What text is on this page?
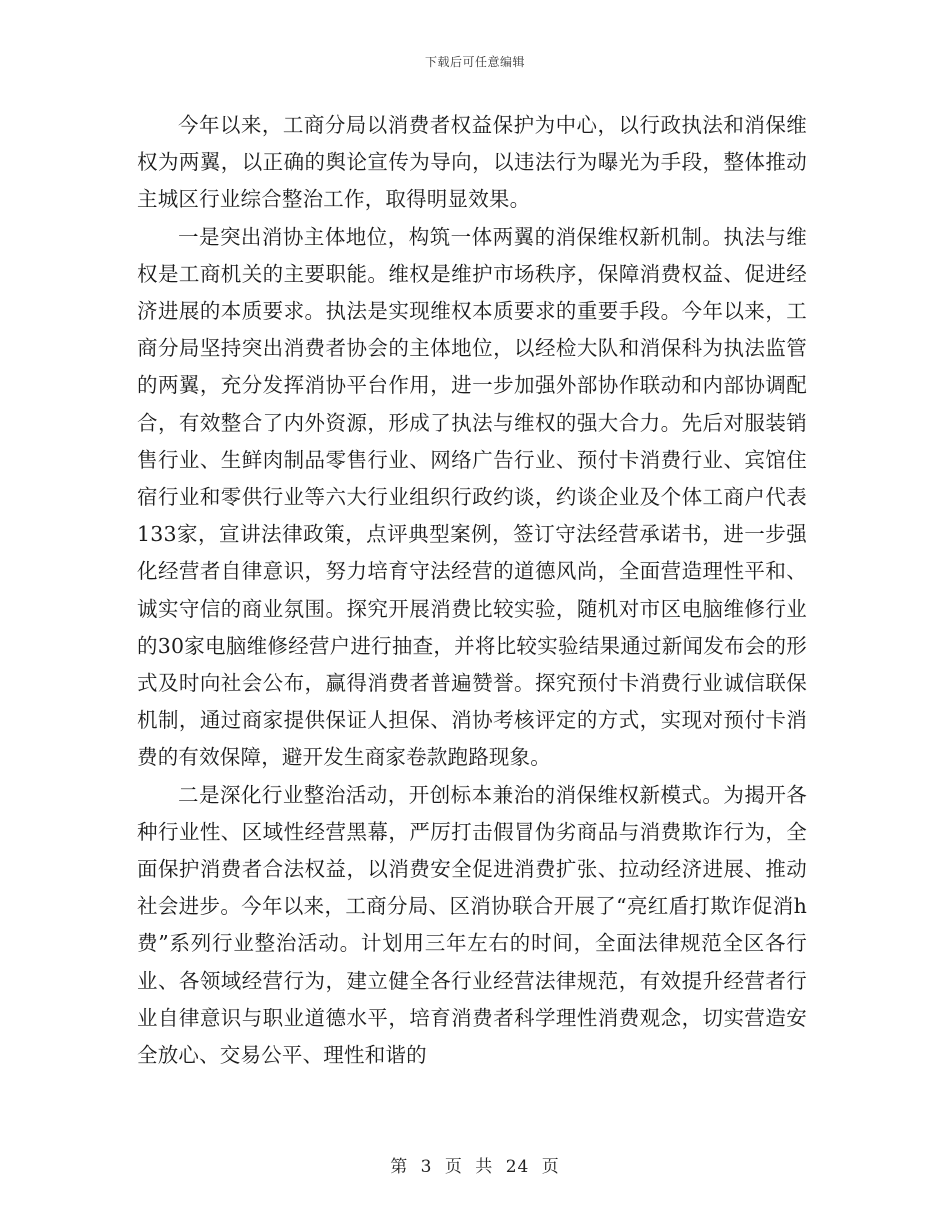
下载后可任意编辑

今年以来，工商分局以消费者权益保护为中心，以行政执法和消保维权为两翼，以正确的舆论宣传为导向，以违法行为曝光为手段，整体推动主城区行业综合整治工作，取得明显效果。

一是突出消协主体地位，构筑一体两翼的消保维权新机制。执法与维权是工商机关的主要职能。维权是维护市场秩序，保障消费权益、促进经济进展的本质要求。执法是实现维权本质要求的重要手段。今年以来，工商分局坚持突出消费者协会的主体地位，以经检大队和消保科为执法监管的两翼，充分发挥消协平台作用，进一步加强外部协作联动和内部协调配合，有效整合了内外资源，形成了执法与维权的强大合力。先后对服装销售行业、生鲜肉制品零售行业、网络广告行业、预付卡消费行业、宾馆住宿行业和零供行业等六大行业组织行政约谈，约谈企业及个体工商户代表133家，宣讲法律政策，点评典型案例，签订守法经营承诺书，进一步强化经营者自律意识，努力培育守法经营的道德风尚，全面营造理性平和、诚实守信的商业氛围。探究开展消费比较实验，随机对市区电脑维修行业的30家电脑维修经营户进行抽查，并将比较实验结果通过新闻发布会的形式及时向社会公布，赢得消费者普遍赞誉。探究预付卡消费行业诚信联保机制，通过商家提供保证人担保、消协考核评定的方式，实现对预付卡消费的有效保障，避开发生商家卷款跑路现象。

二是深化行业整治活动，开创标本兼治的消保维权新模式。为揭开各种行业性、区域性经营黑幕，严厉打击假冒伪劣商品与消费欺诈行为，全面保护消费者合法权益，以消费安全促进消费扩张、拉动经济进展、推动社会进步。今年以来，工商分局、区消协联合开展了“亮红盾打欺诈促消h费”系列行业整治活动。计划用三年左右的时间，全面法律规范全区各行业、各领域经营行为，建立健全各行业经营法律规范，有效提升经营者行业自律意识与职业道德水平，培育消费者科学理性消费观念，切实营造安全放心、交易公平、理性和谐的

第 3 页 共 24 页
